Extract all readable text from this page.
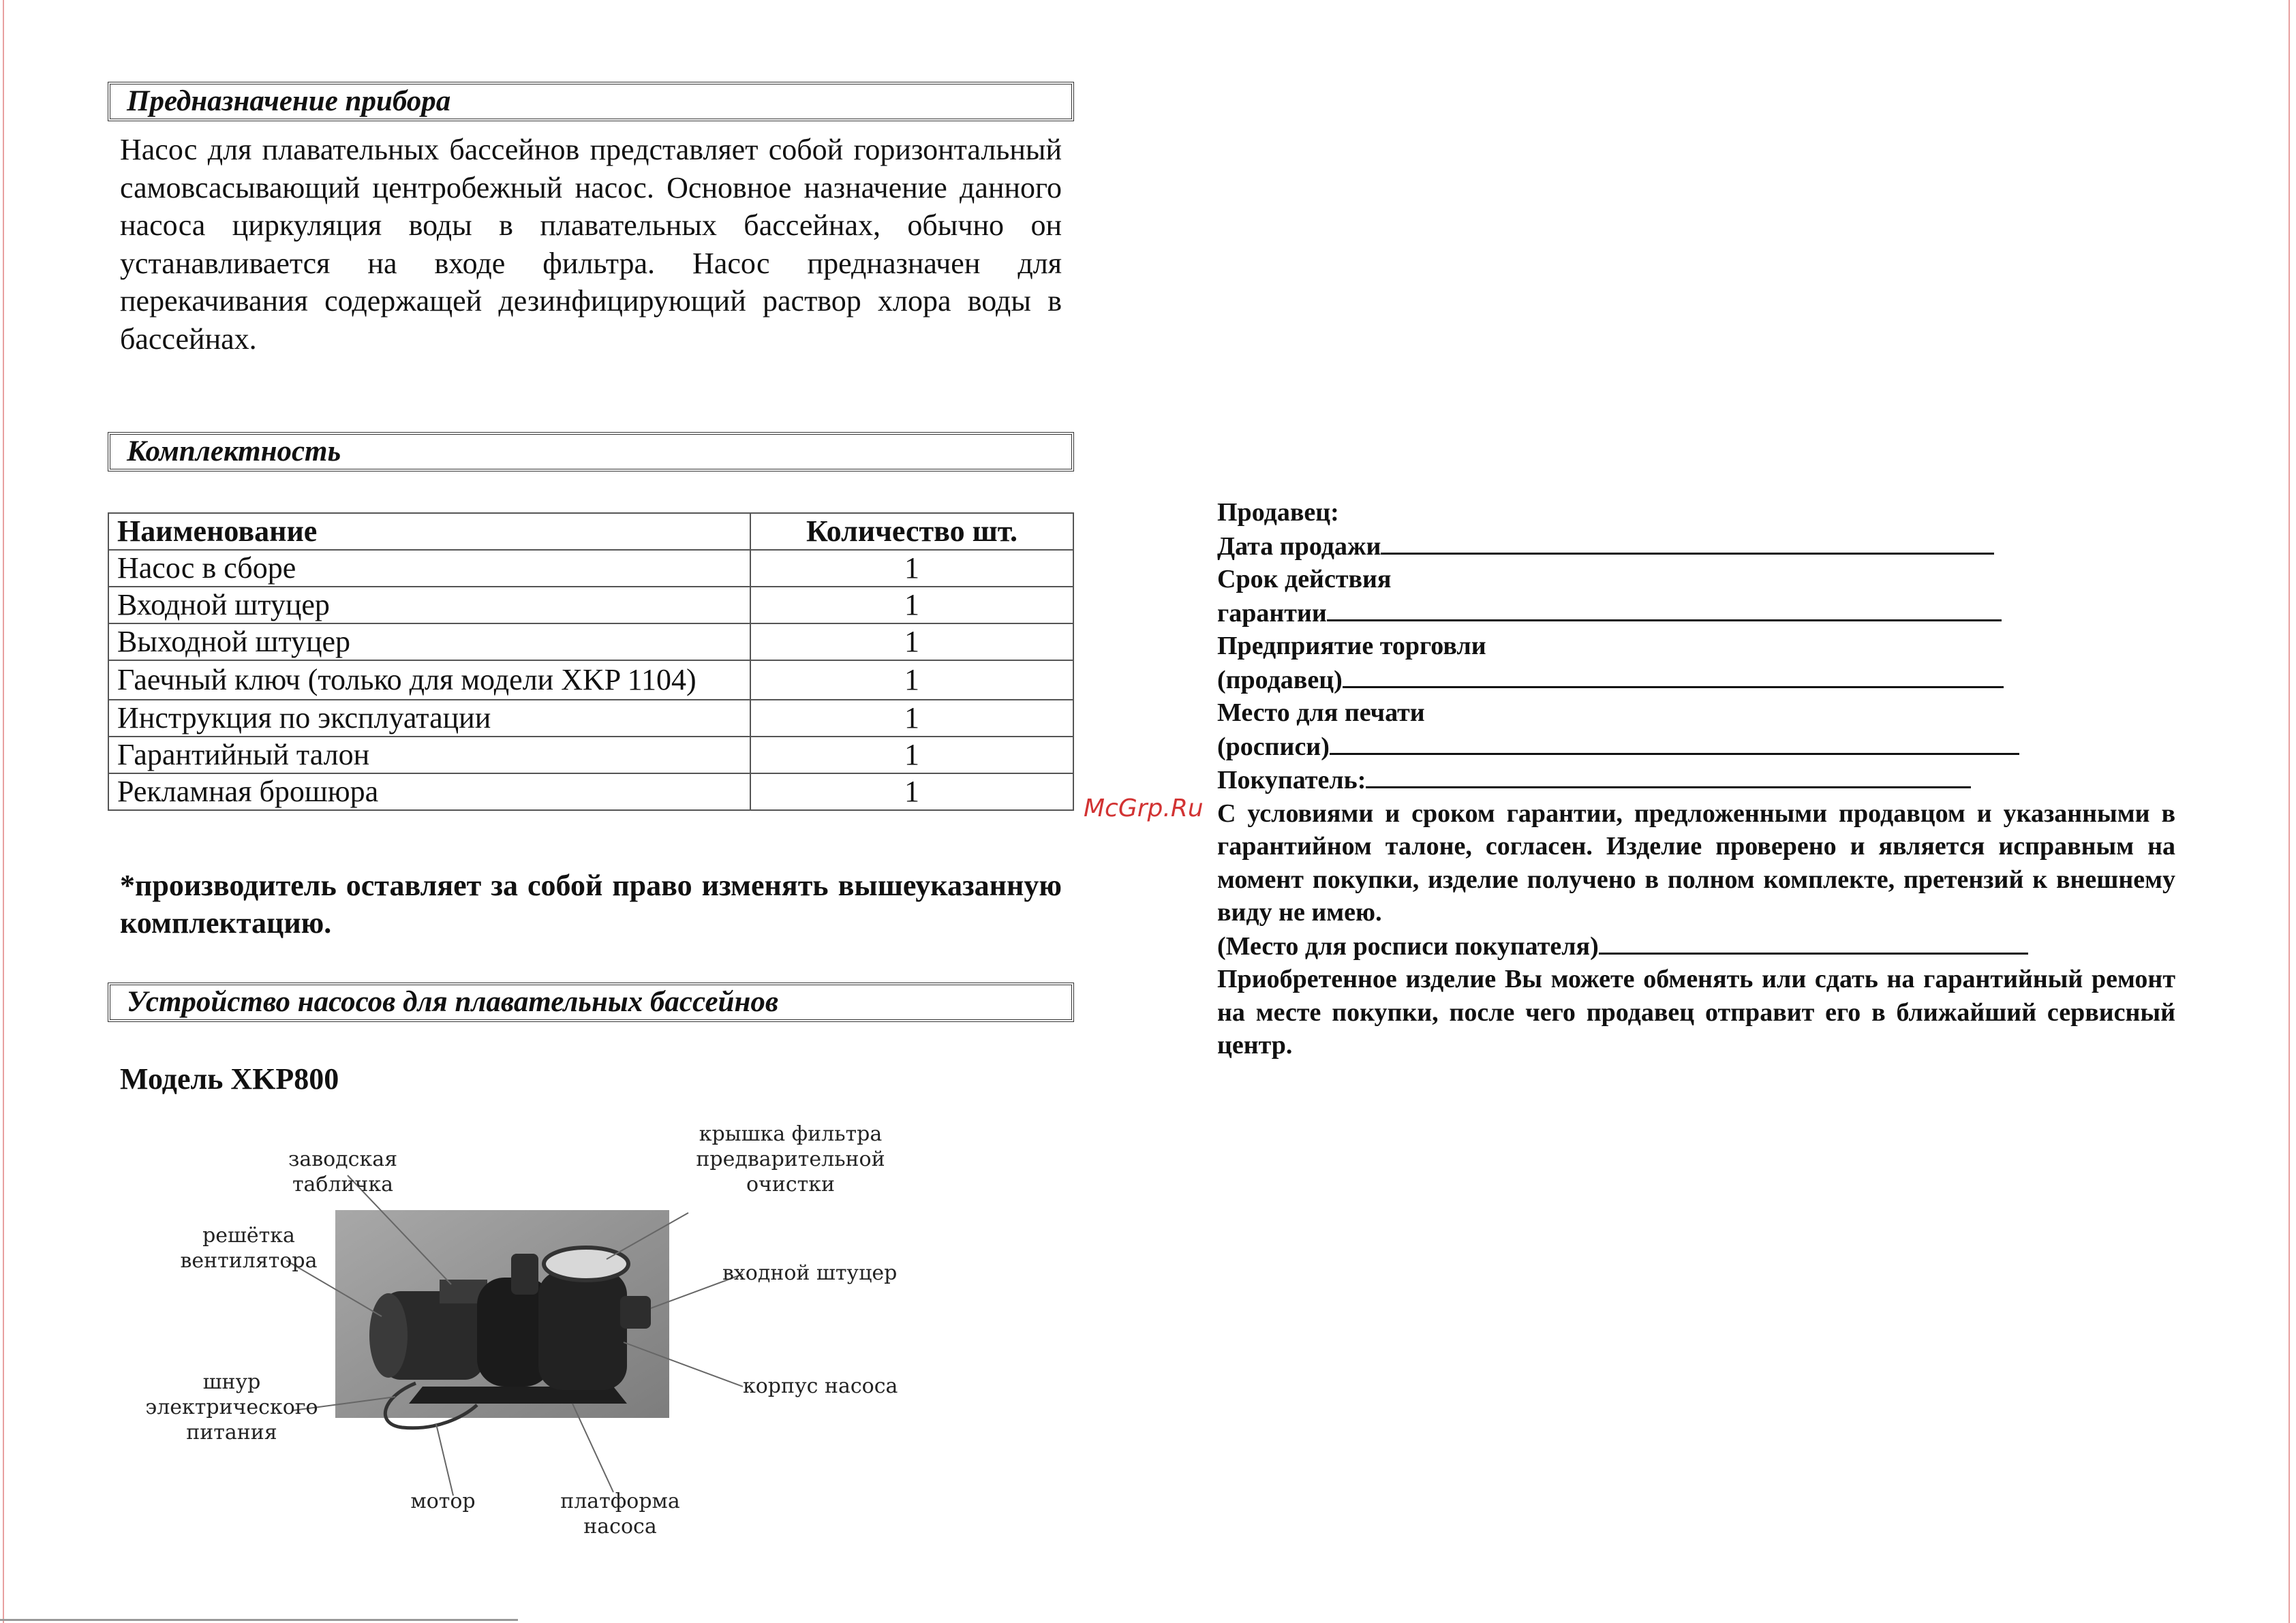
Предназначение прибора
Насос для плавательных бассейнов представляет собой горизонтальный самовсасывающий центробежный насос. Основное назначение данного насоса циркуляция воды в плавательных бассейнах, обычно он устанавливается на входе фильтра. Насос предназначен для перекачивания содержащей дезинфицирующий раствор хлора воды в бассейнах.
Комплектность
Наименование	Количество шт.
Насос в сборе	1
Входной штуцер	1
Выходной штуцер	1
Гаечный ключ (только для модели XKP 1104)	1
Инструкция по эксплуатации	1
Гарантийный талон	1
Рекламная брошюра	1
*производитель оставляет за собой право изменять вышеуказанную комплектацию.
Устройство насосов для плавательных бассейнов
Модель XKP800
заводская табличка
решётка вентилятора
шнур электрического питания
мотор	платформа насоса
крышка фильтра предварительной очистки
входной штуцер
корпус насоса
McGrp.Ru
Продавец:
Дата продажи
Срок действия
гарантии
Предприятие торговли
(продавец)
Место для печати
(росписи)
Покупатель:
С условиями и сроком гарантии, предложенными продавцом и указанными в гарантийном талоне, согласен. Изделие проверено и является исправным на момент покупки, изделие получено в полном комплекте, претензий к внешнему виду не имею.
(Место для росписи покупателя)
Приобретенное изделие Вы можете обменять или сдать на гарантийный ремонт на месте покупки, после чего продавец отправит его в ближайший сервисный центр.
